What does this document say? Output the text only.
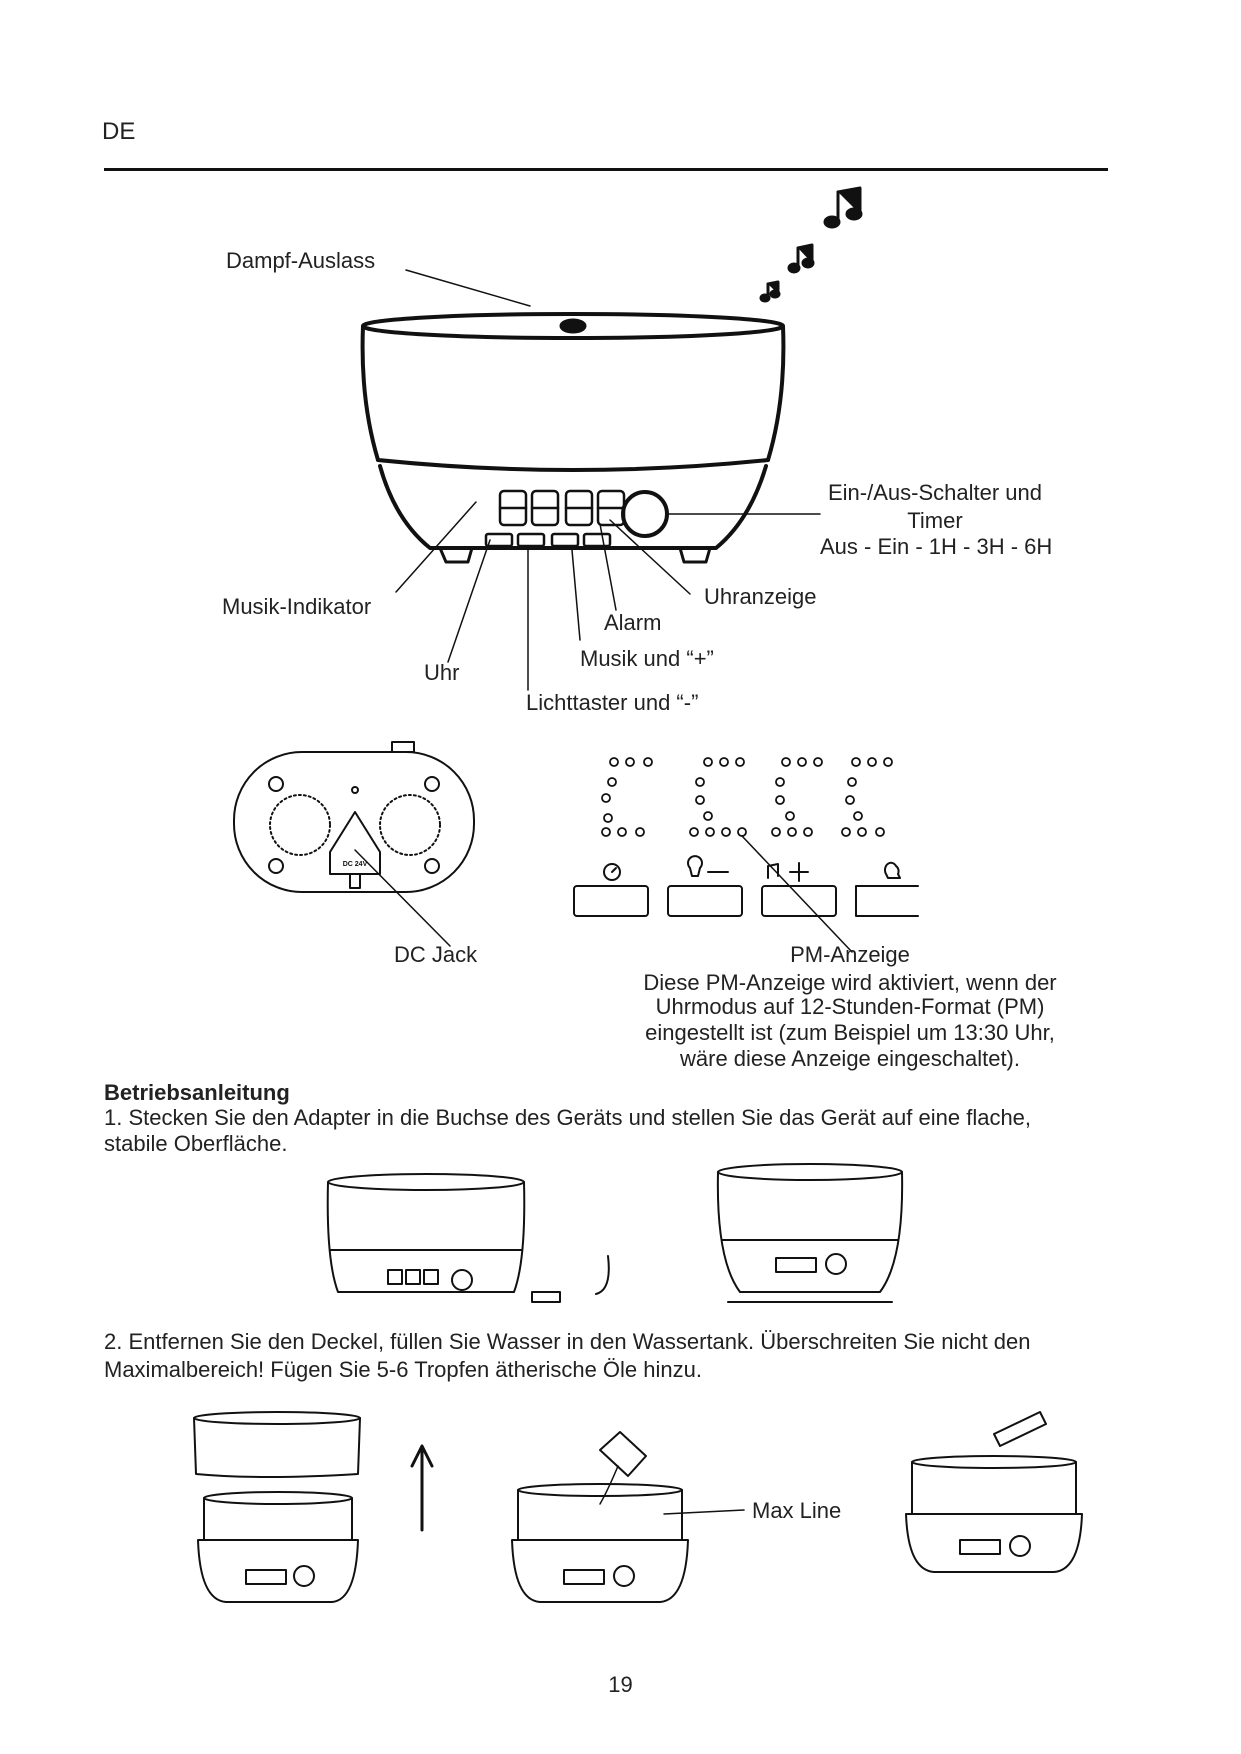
DE
DC 24V
Dampf-Auslass
Ein-/Aus-Schalter und
Timer
Aus - Ein - 1H - 3H - 6H
Uhranzeige
Musik-Indikator
Alarm
Musik und “+”
Uhr
Lichttaster und “-”
DC Jack	PM-Anzeige
Diese PM-Anzeige wird aktiviert, wenn der
Uhrmodus auf 12-Stunden-Format (PM)
eingestellt ist (zum Beispiel um 13:30 Uhr,
wäre diese Anzeige eingeschaltet).
Betriebsanleitung
1. Stecken Sie den Adapter in die Buchse des Geräts und stellen Sie das Gerät auf eine flache,
stabile Oberfläche.
2. Entfernen Sie den Deckel, füllen Sie Wasser in den Wassertank. Überschreiten Sie nicht den
Maximalbereich! Fügen Sie 5-6 Tropfen ätherische Öle hinzu.
Max Line
19
